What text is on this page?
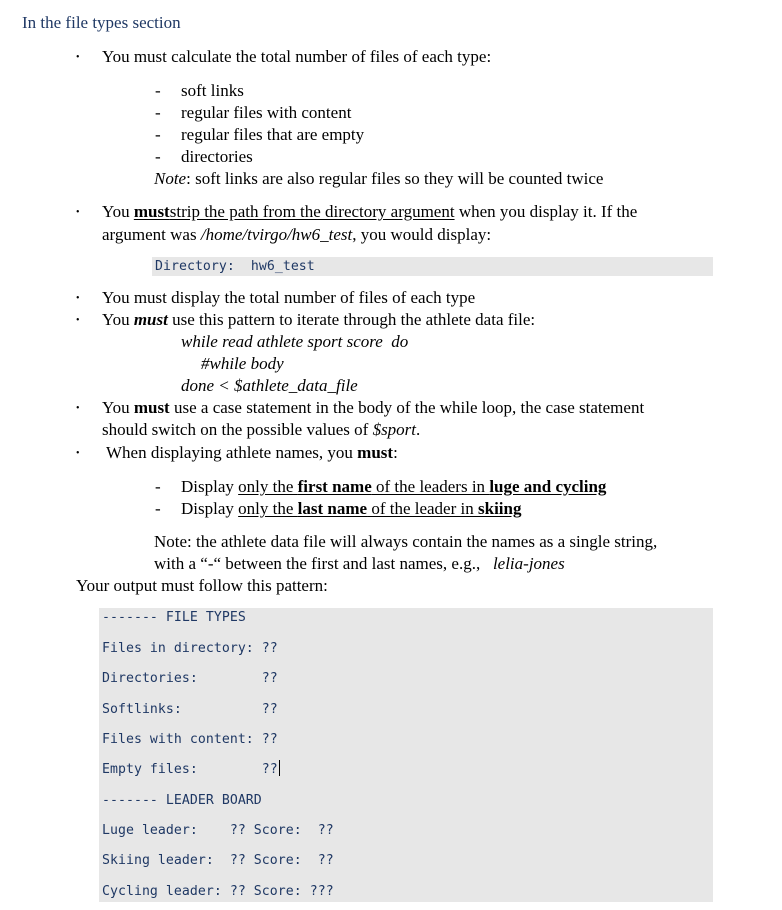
In the file types section
• You must calculate the total number of files of each type:
- soft links
- regular files with content
- regular files that are empty
- directories
Note: soft links are also regular files so they will be counted twice
• You muststrip the path from the directory argument when you display it. If the
argument was /home/tvirgo/hw6_test, you would display:
Directory:  hw6_test
• You must display the total number of files of each type
• You must use this pattern to iterate through the athlete data file:
while read athlete sport score  do
#while body
done < $athlete_data_file
• You must use a case statement in the body of the while loop, the case statement
should switch on the possible values of $sport.
• When displaying athlete names, you must:
- Display only the first name of the leaders in luge and cycling
- Display only the last name of the leader in skiing
Note: the athlete data file will always contain the names as a single string,
with a “-“ between the first and last names, e.g.,   lelia-jones
Your output must follow this pattern:
------- FILE TYPES
Files in directory: ??
Directories:        ??
Softlinks:          ??
Files with content: ??
Empty files:        ??
------- LEADER BOARD
Luge leader:    ?? Score:  ??
Skiing leader:  ?? Score:  ??
Cycling leader: ?? Score: ???
